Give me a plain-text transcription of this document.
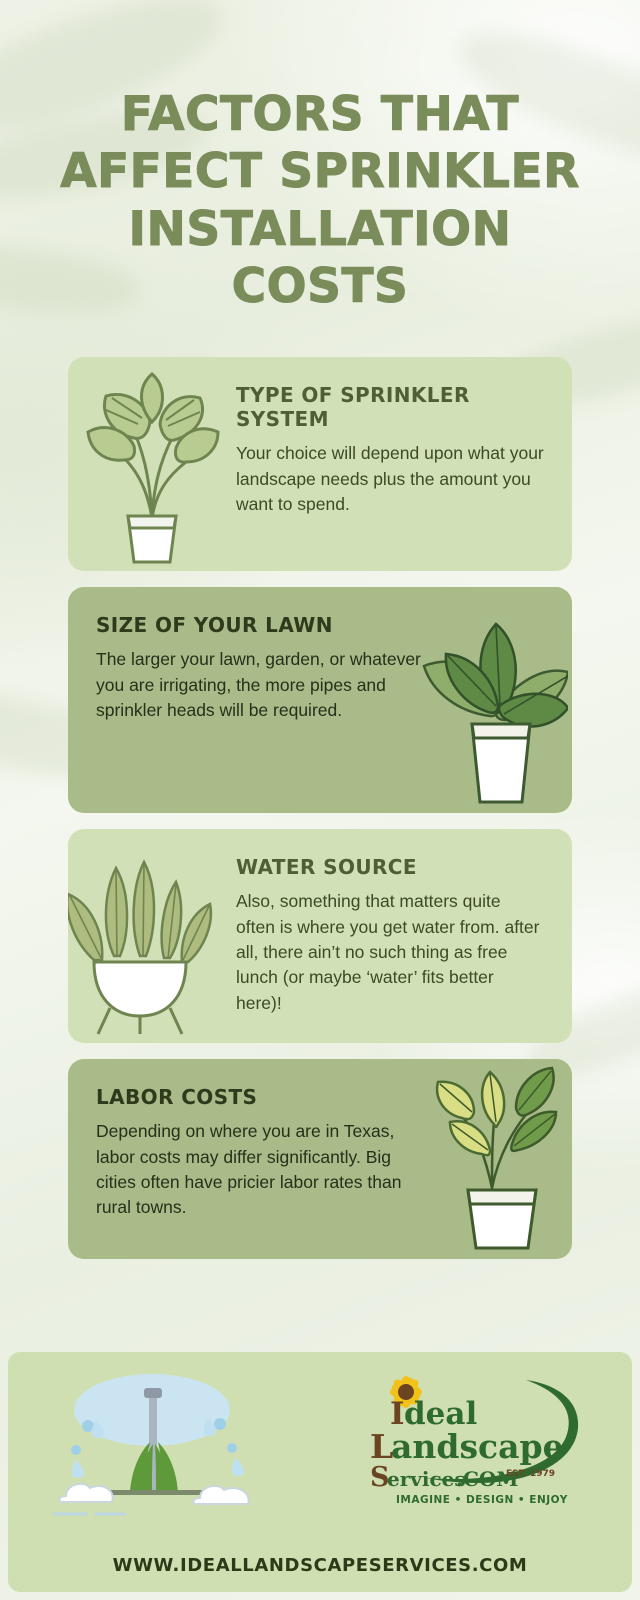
FACTORS THAT AFFECT SPRINKLER INSTALLATION COSTS
TYPE OF SPRINKLER SYSTEM

Your choice will depend upon what your landscape needs plus the amount you want to spend.

SIZE OF YOUR LAWN

The larger your lawn, garden, or whatever you are irrigating, the more pipes and sprinkler heads will be required.

WATER SOURCE

Also, something that matters quite often is where you get water from. after all, there ain’t no such thing as free lunch (or maybe ‘water’ fits better here)!

LABOR COSTS

Depending on where you are in Texas, labor costs may differ significantly. Big cities often have pricier labor rates than rural towns.

I deal
L
andscape
S
ervices
.COM
EST. 1979
IMAGINE • DESIGN • ENJOY
WWW.IDEALLANDSCAPESERVICES.COM
